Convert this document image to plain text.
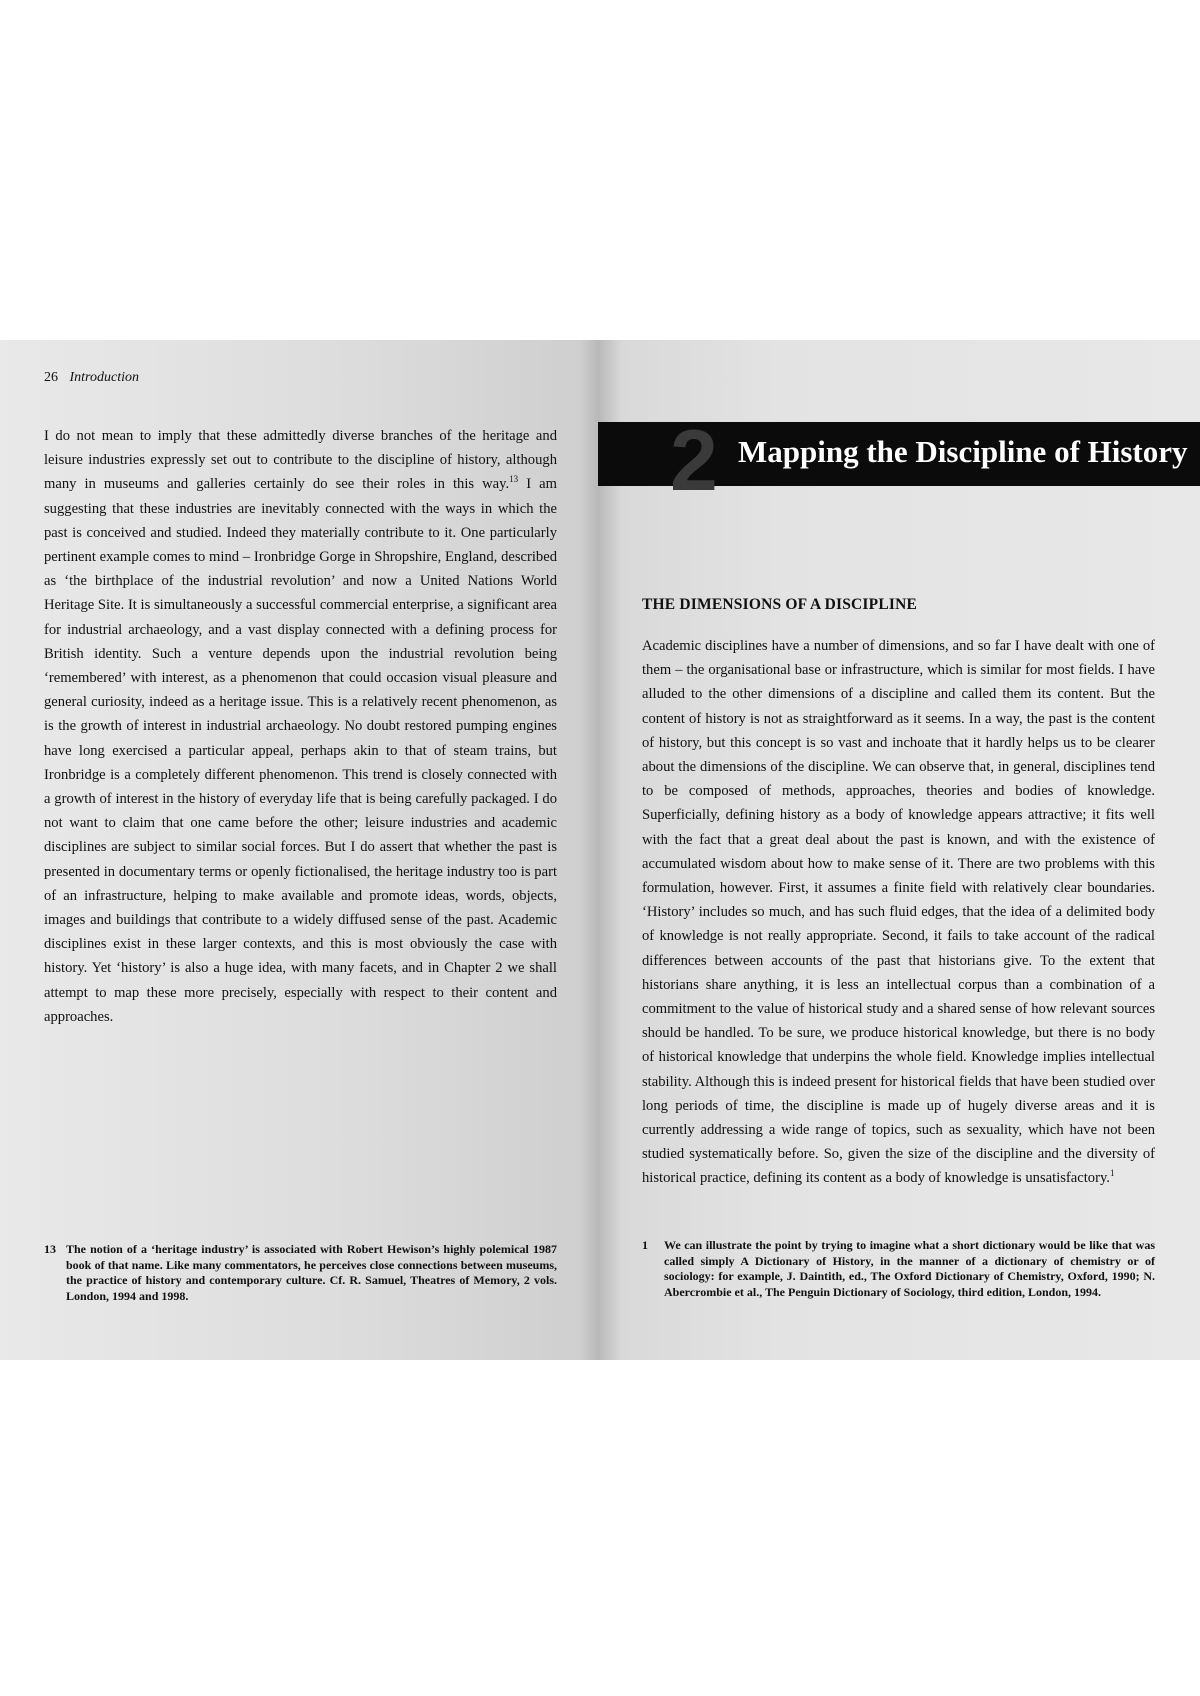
26 Introduction

I do not mean to imply that these admittedly diverse branches of the heritage and leisure industries expressly set out to contribute to the discipline of history, although many in museums and galleries certainly do see their roles in this way.$^{13}$ I am suggesting that these industries are inevitably connected with the ways in which the past is conceived and studied. Indeed they materially contribute to it. One particularly pertinent example comes to mind – Ironbridge Gorge in Shropshire, England, described as ‘the birthplace of the industrial revolution’ and now a United Nations World Heritage Site. It is simultaneously a successful commercial enterprise, a significant area for industrial archaeology, and a vast display connected with a defining process for British identity. Such a venture depends upon the industrial revolution being ‘remembered’ with interest, as a phenomenon that could occasion visual pleasure and general curiosity, indeed as a heritage issue. This is a relatively recent phenomenon, as is the growth of interest in industrial archaeology. No doubt restored pumping engines have long exercised a particular appeal, perhaps akin to that of steam trains, but Ironbridge is a completely different phenomenon. This trend is closely connected with a growth of interest in the history of everyday life that is being carefully packaged. I do not want to claim that one came before the other; leisure industries and academic disciplines are subject to similar social forces. But I do assert that whether the past is presented in documentary terms or openly fictionalised, the heritage industry too is part of an infrastructure, helping to make available and promote ideas, words, objects, images and buildings that contribute to a widely diffused sense of the past. Academic disciplines exist in these larger contexts, and this is most obviously the case with history. Yet ‘history’ is also a huge idea, with many facets, and in Chapter 2 we shall attempt to map these more precisely, especially with respect to their content and approaches.

13 The notion of a ‘heritage industry’ is associated with Robert Hewison’s highly polemical 1987 book of that name. Like many commentators, he perceives close connections between museums, the practice of history and contemporary culture. Cf. R. Samuel, Theatres of Memory, 2 vols. London, 1994 and 1998.
2 Mapping the Discipline of History
THE DIMENSIONS OF A DISCIPLINE

Academic disciplines have a number of dimensions, and so far I have dealt with one of them – the organisational base or infrastructure, which is similar for most fields. I have alluded to the other dimensions of a discipline and called them its content. But the content of history is not as straightforward as it seems. In a way, the past is the content of history, but this concept is so vast and inchoate that it hardly helps us to be clearer about the dimensions of the discipline. We can observe that, in general, disciplines tend to be composed of methods, approaches, theories and bodies of knowledge. Superficially, defining history as a body of knowledge appears attractive; it fits well with the fact that a great deal about the past is known, and with the existence of accumulated wisdom about how to make sense of it. There are two problems with this formulation, however. First, it assumes a finite field with relatively clear boundaries. ‘History’ includes so much, and has such fluid edges, that the idea of a delimited body of knowledge is not really appropriate. Second, it fails to take account of the radical differences between accounts of the past that historians give. To the extent that historians share anything, it is less an intellectual corpus than a combination of a commitment to the value of historical study and a shared sense of how relevant sources should be handled. To be sure, we produce historical knowledge, but there is no body of historical knowledge that underpins the whole field. Knowledge implies intellectual stability. Although this is indeed present for historical fields that have been studied over long periods of time, the discipline is made up of hugely diverse areas and it is currently addressing a wide range of topics, such as sexuality, which have not been studied systematically before. So, given the size of the discipline and the diversity of historical practice, defining its content as a body of knowledge is unsatisfactory.$^1$

1	We can illustrate the point by trying to imagine what a short dictionary would be like that was called simply A Dictionary of History, in the manner of a dictionary of chemistry or of sociology: for example, J. Daintith, ed., The Oxford Dictionary of Chemistry, Oxford, 1990; N. Abercrombie et al., The Penguin Dictionary of Sociology, third edition, London, 1994.
